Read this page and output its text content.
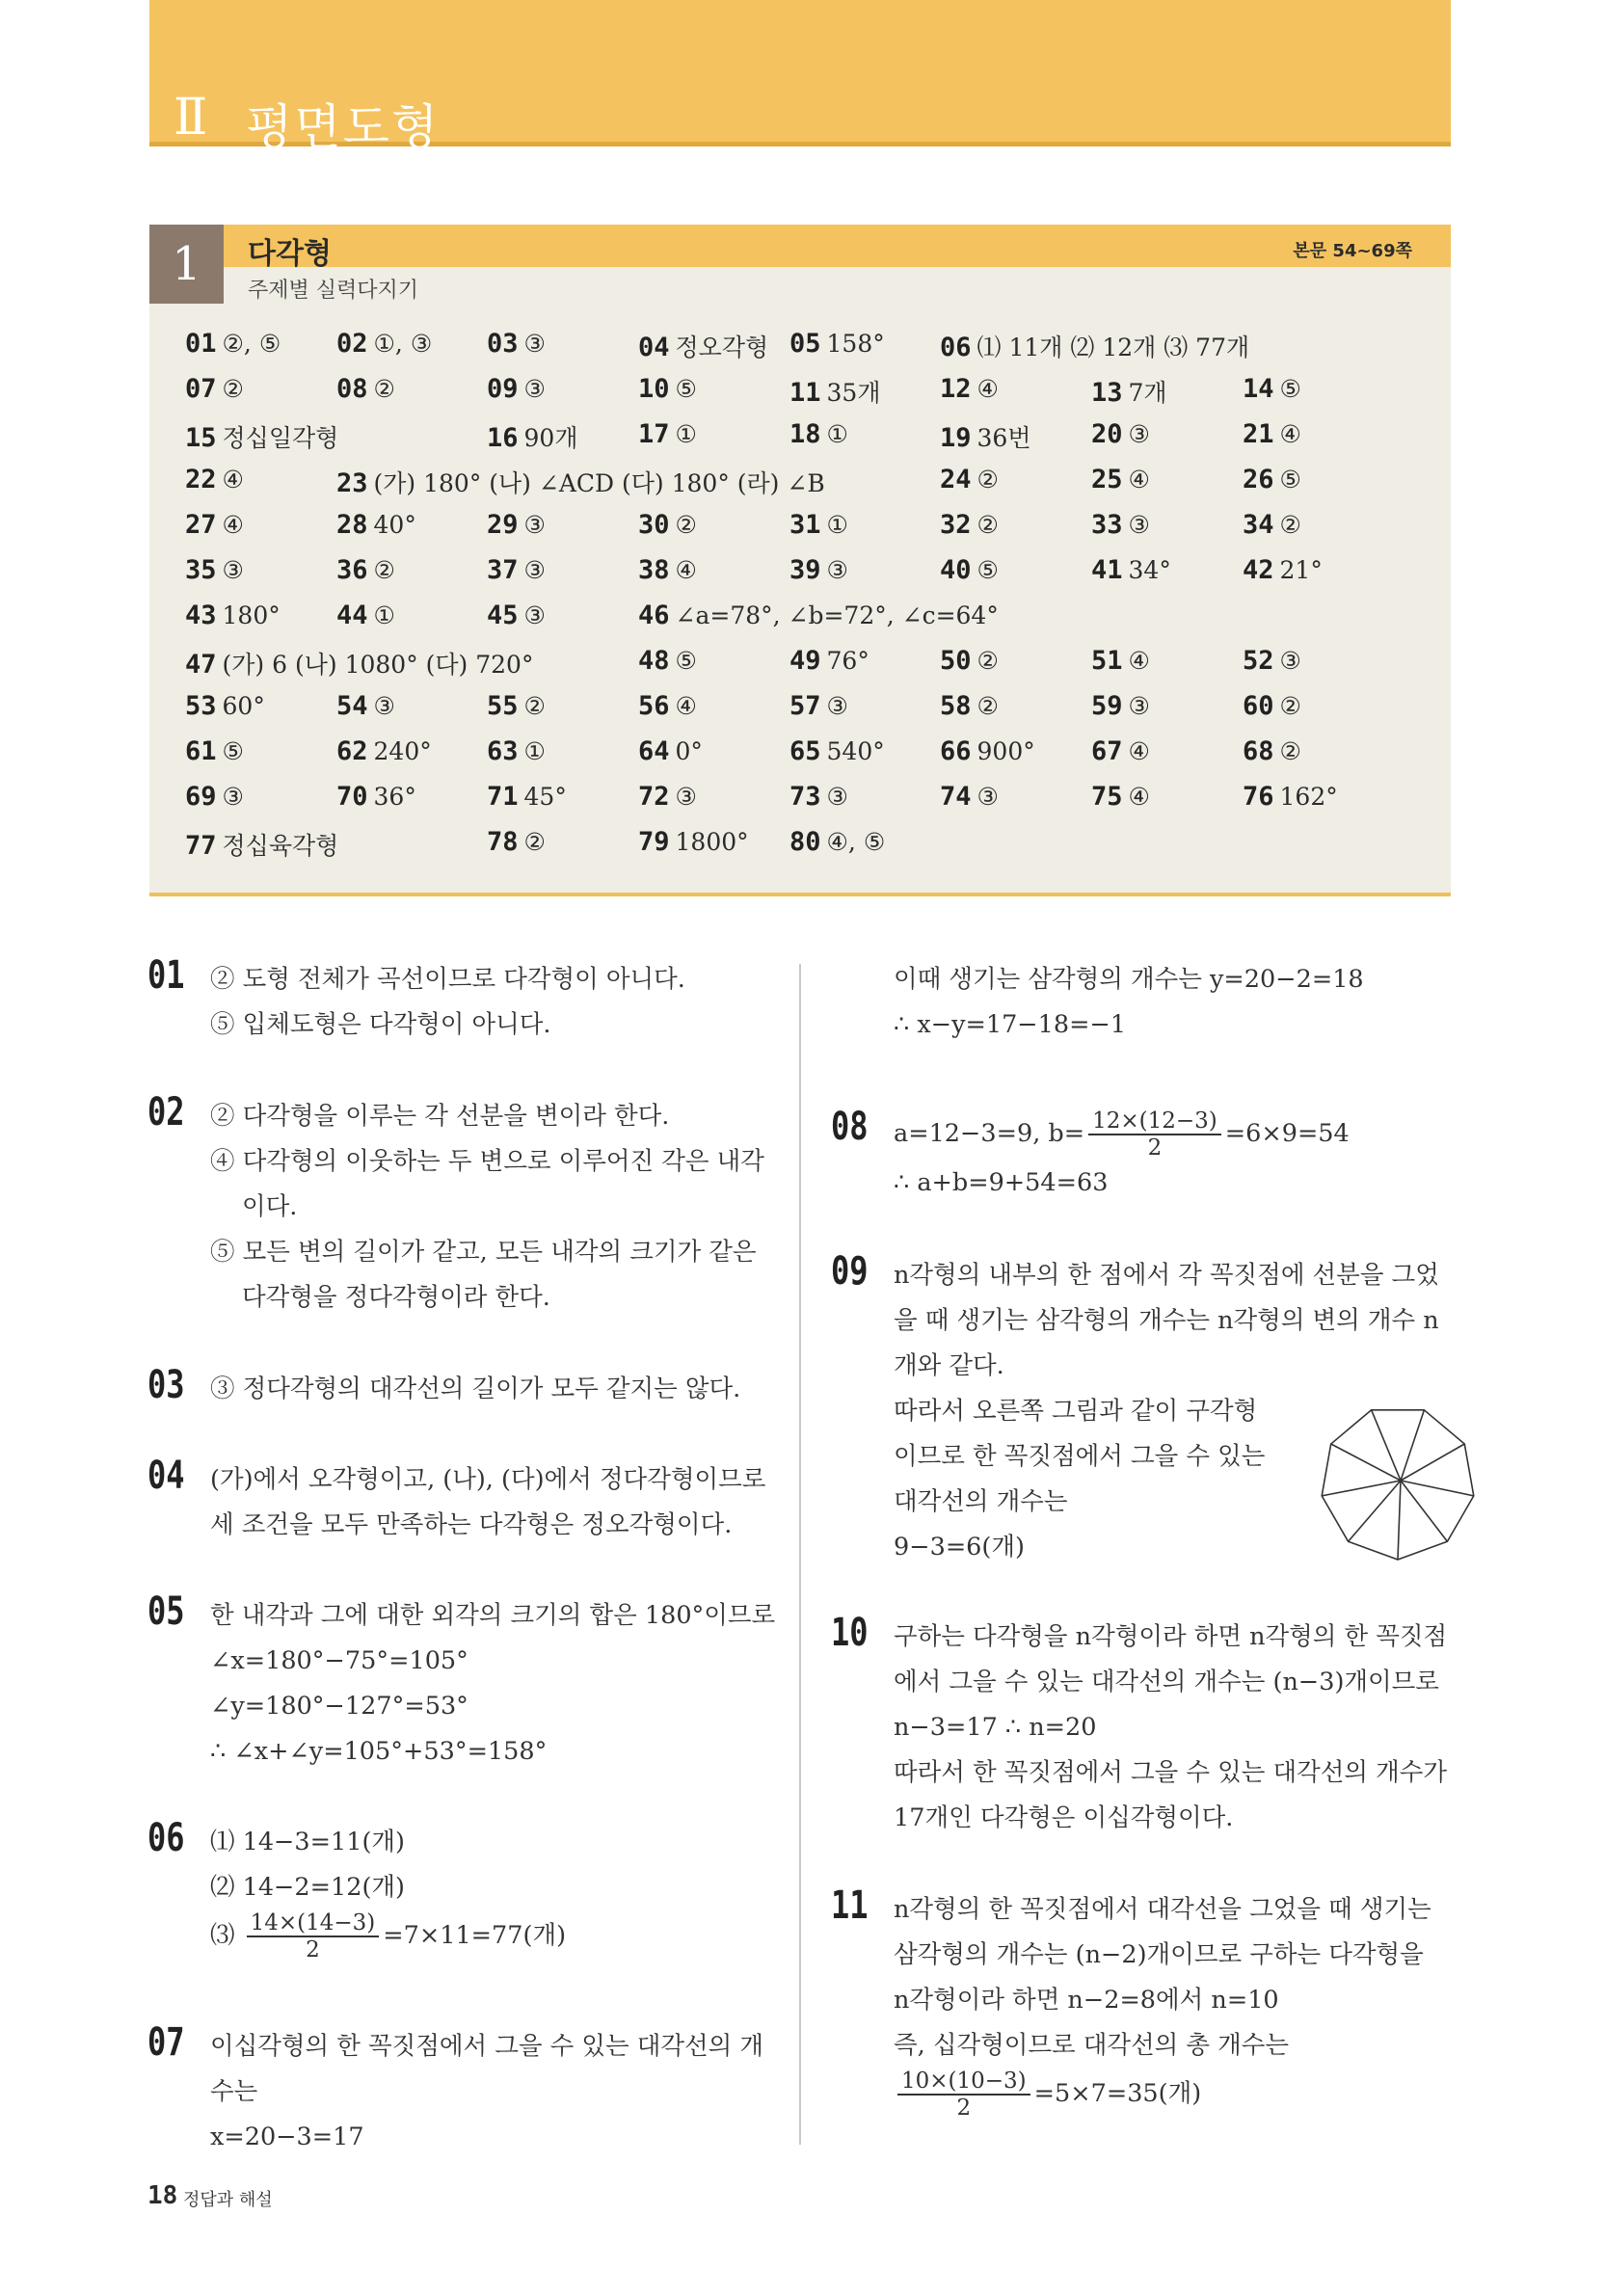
Ⅱ 평면도형
1	다각형	본문 54~69쪽
주제별 실력다지기
01 ②, ⑤ 02 ①, ③ 03 ③	04 정오각형 05 158° 06 ⑴ 11개 ⑵ 12개 ⑶ 77개
07 ②	08 ②	09 ③	10 ⑤	11 35개 12 ④	13 7개	14 ⑤
15 정십일각형	16 90개 17 ①	18 ①	19 36번 20 ③	21 ④
22 ④	23 (가) 180° (나) ∠ACD (다) 180° (라) ∠B	24 ②	25 ④	26 ⑤
27 ④	28 40°	29 ③	30 ②	31 ①	32 ②	33 ③	34 ②
35 ③	36 ②	37 ③	38 ④	39 ③	40 ⑤	41 34°	42 21°
43 180° 44 ①	45 ③	46 ∠a=78°, ∠b=72°, ∠c=64°
47 (가) 6 (나) 1080° (다) 720°	48 ⑤	49 76°	50 ②	51 ④	52 ③
53 60°	54 ③	55 ②	56 ④	57 ③	58 ②	59 ③	60 ②
61 ⑤	62 240° 63 ①	64 0°	65 540° 66 900° 67 ④	68 ②
69 ③	70 36°	71 45°	72 ③	73 ③	74 ③	75 ④	76 162°
77 정십육각형	78 ②	79 1800° 80 ④, ⑤
01 ② 도형 전체가 곡선이므로 다각형이 아니다.
⑤ 입체도형은 다각형이 아니다.
02 ② 다각형을 이루는 각 선분을 변이라 한다.
④ 다각형의 이웃하는 두 변으로 이루어진 각은 내각
이다.
⑤ 모든 변의 길이가 같고, 모든 내각의 크기가 같은
다각형을 정다각형이라 한다.
03 ③ 정다각형의 대각선의 길이가 모두 같지는 않다.
04 (가)에서 오각형이고, (나), (다)에서 정다각형이므로
세 조건을 모두 만족하는 다각형은 정오각형이다.
05 한 내각과 그에 대한 외각의 크기의 합은 180°이므로
∠x=180°−75°=105°
∠y=180°−127°=53°
∴ ∠x+∠y=105°+53°=158°
06 ⑴ 14−3=11(개)
⑵ 14−2=12(개)
⑶ $\frac{14\times(14-3)}{2} =7\times 11=77$(개)
07 이십각형의 한 꼭짓점에서 그을 수 있는 대각선의 개
수는
x=20−3=17
이때 생기는 삼각형의 개수는 y=20−2=18
∴ x−y=17−18=−1
08 a=12−3=9, $b= \frac{12\times(12-3)}{2} =6\times 9=54$
∴ a+b=9+54=63
09 n각형의 내부의 한 점에서 각 꼭짓점에 선분을 그었
을 때 생기는 삼각형의 개수는 n각형의 변의 개수 n
개와 같다.
따라서 오른쪽 그림과 같이 구각형
이므로 한 꼭짓점에서 그을 수 있는
대각선의 개수는
9−3=6(개)
10 구하는 다각형을 n각형이라 하면 n각형의 한 꼭짓점
에서 그을 수 있는 대각선의 개수는 (n−3)개이므로
n−3=17 ∴ n=20
따라서 한 꼭짓점에서 그을 수 있는 대각선의 개수가
17개인 다각형은 이십각형이다.
11 n각형의 한 꼭짓점에서 대각선을 그었을 때 생기는
삼각형의 개수는 (n−2)개이므로 구하는 다각형을
n각형이라 하면 n−2=8에서 n=10
즉, 십각형이므로 대각선의 총 개수는
$\frac{10\times(10-3)}{2} =5\times 7=35$(개)
18 정답과 해설
